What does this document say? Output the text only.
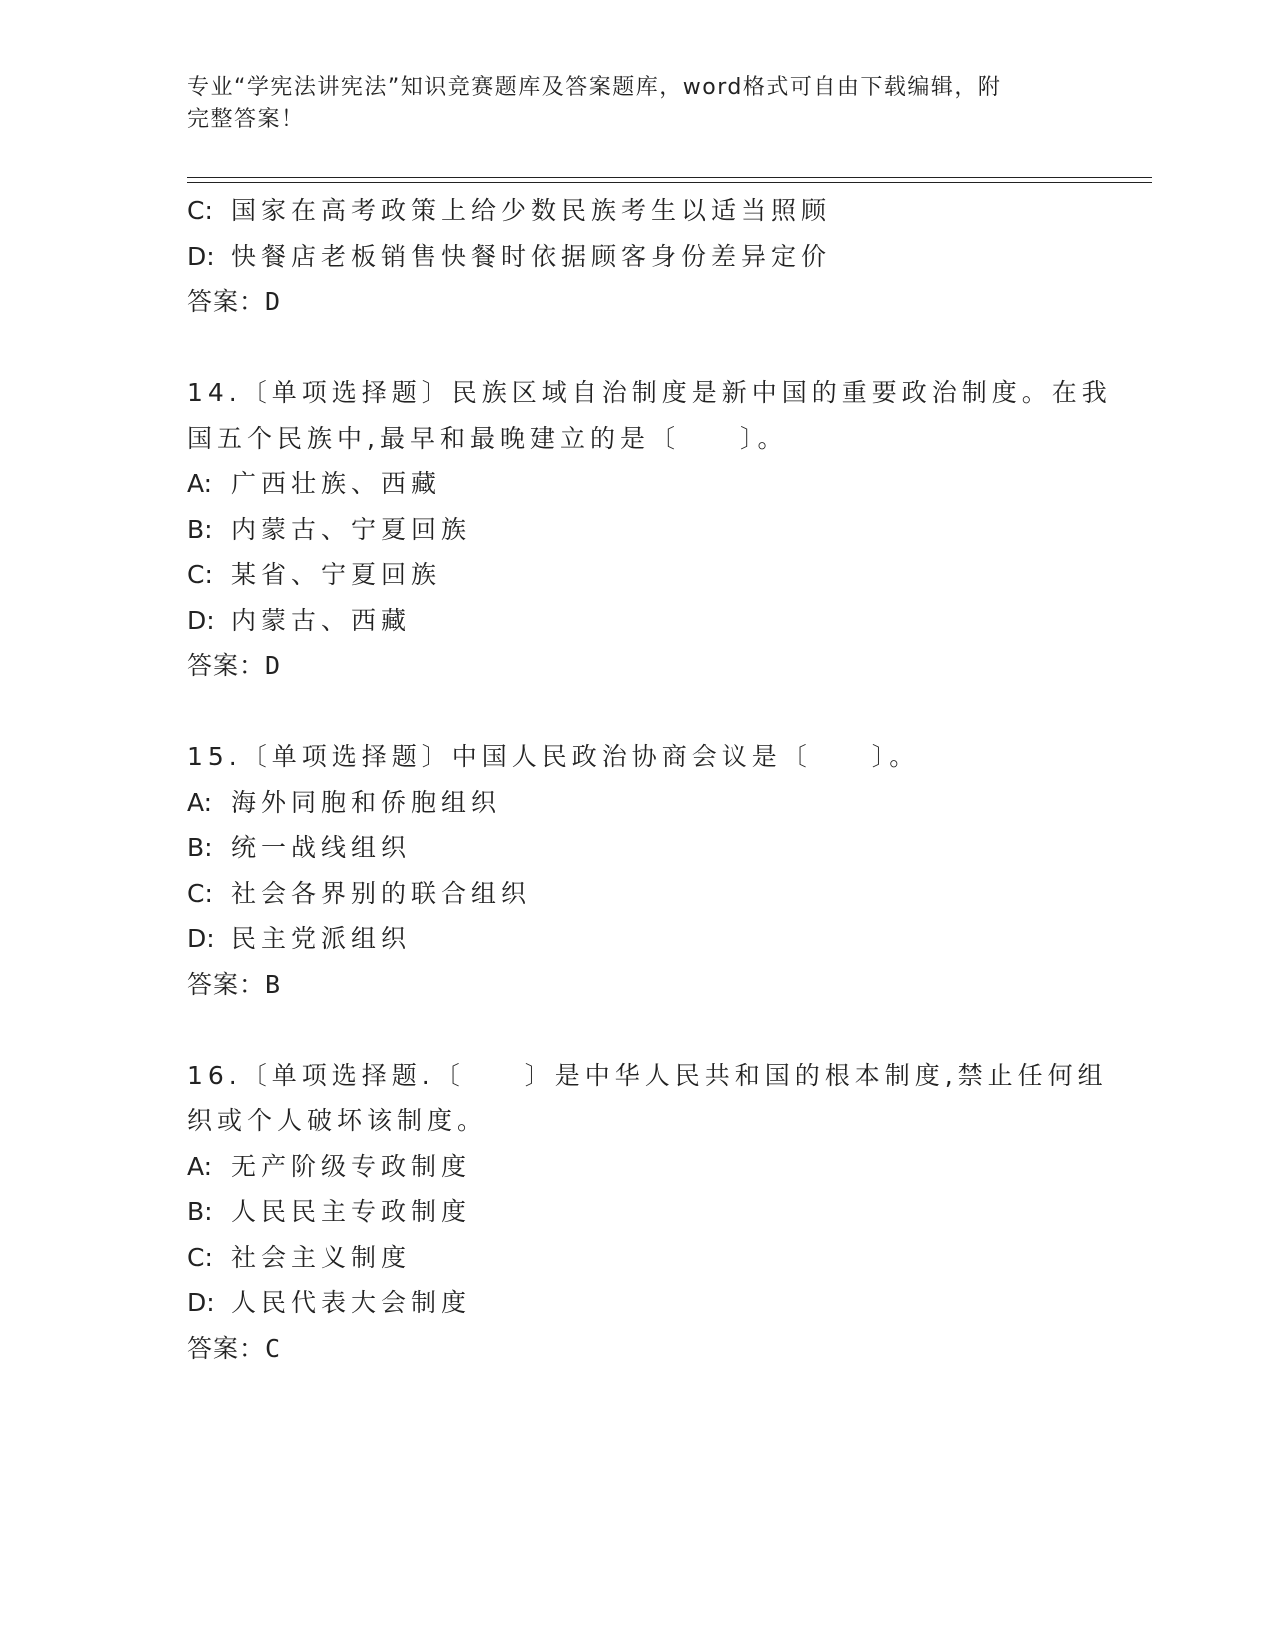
专业“学宪法讲宪法”知识竞赛题库及答案题库，word格式可自由下载编辑，附
完整答案！
C: 国家在高考政策上给少数民族考生以适当照顾
D: 快餐店老板销售快餐时依据顾客身份差异定价
答案：D
14.〔单项选择题〕民族区域自治制度是新中国的重要政治制度。在我
国五个民族中,最早和最晚建立的是〔　　〕。
A: 广西壮族、西藏
B: 内蒙古、宁夏回族
C: 某省、宁夏回族
D: 内蒙古、西藏
答案：D
15.〔单项选择题〕中国人民政治协商会议是〔　　〕。
A: 海外同胞和侨胞组织
B: 统一战线组织
C: 社会各界别的联合组织
D: 民主党派组织
答案：B
16.〔单项选择题.〔　　〕是中华人民共和国的根本制度,禁止任何组
织或个人破坏该制度。
A: 无产阶级专政制度
B: 人民民主专政制度
C: 社会主义制度
D: 人民代表大会制度
答案：C
